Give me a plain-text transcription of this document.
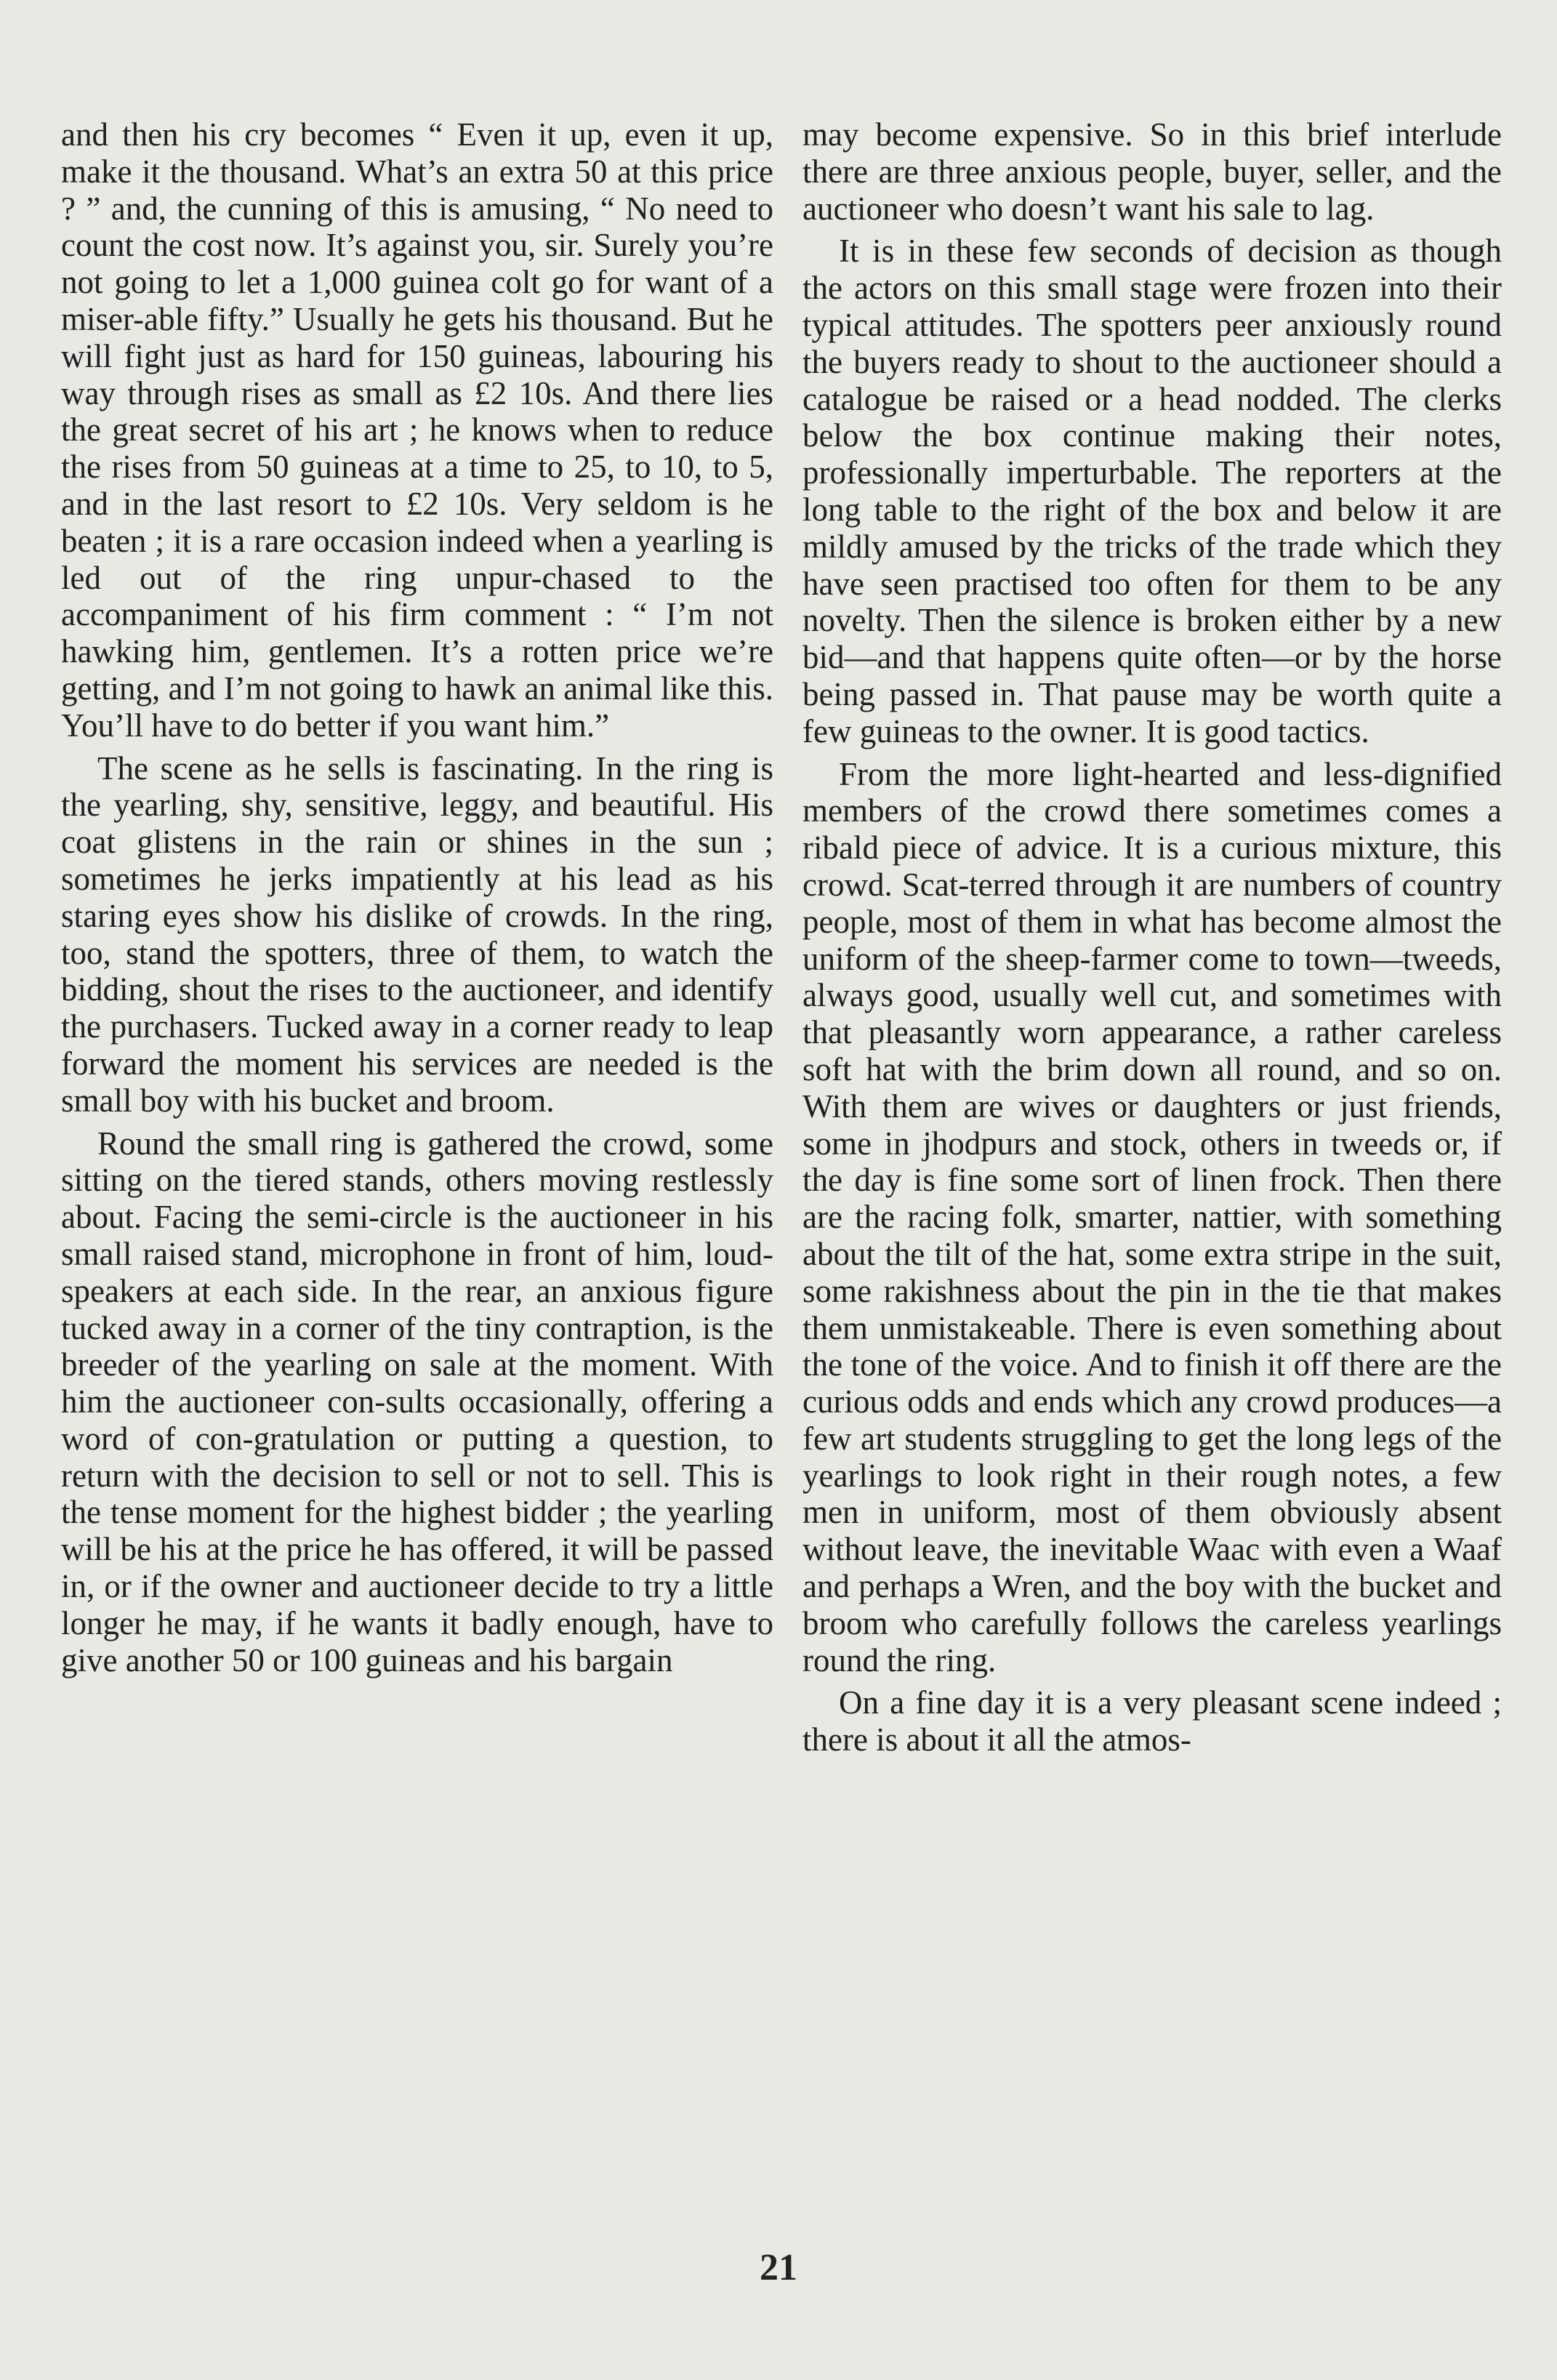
and then his cry becomes “ Even it up, even it up, make it the thousand. What’s an extra 50 at this price ? ” and, the cunning of this is amusing, “ No need to count the cost now. It’s against you, sir. Surely you’re not going to let a 1,000 guinea colt go for want of a miser-able fifty.” Usually he gets his thousand. But he will fight just as hard for 150 guineas, labouring his way through rises as small as £2 10s. And there lies the great secret of his art ; he knows when to reduce the rises from 50 guineas at a time to 25, to 10, to 5, and in the last resort to £2 10s. Very seldom is he beaten ; it is a rare occasion indeed when a yearling is led out of the ring unpur-chased to the accompaniment of his firm comment : “ I’m not hawking him, gentlemen. It’s a rotten price we’re getting, and I’m not going to hawk an animal like this. You’ll have to do better if you want him.”

The scene as he sells is fascinating. In the ring is the yearling, shy, sensitive, leggy, and beautiful. His coat glistens in the rain or shines in the sun ; sometimes he jerks impatiently at his lead as his staring eyes show his dislike of crowds. In the ring, too, stand the spotters, three of them, to watch the bidding, shout the rises to the auctioneer, and identify the purchasers. Tucked away in a corner ready to leap forward the moment his services are needed is the small boy with his bucket and broom.

Round the small ring is gathered the crowd, some sitting on the tiered stands, others moving restlessly about. Facing the semi-circle is the auctioneer in his small raised stand, microphone in front of him, loud-speakers at each side. In the rear, an anxious figure tucked away in a corner of the tiny contraption, is the breeder of the yearling on sale at the moment. With him the auctioneer con-sults occasionally, offering a word of con-gratulation or putting a question, to return with the decision to sell or not to sell. This is the tense moment for the highest bidder ; the yearling will be his at the price he has offered, it will be passed in, or if the owner and auctioneer decide to try a little longer he may, if he wants it badly enough, have to give another 50 or 100 guineas and his bargain

may become expensive. So in this brief interlude there are three anxious people, buyer, seller, and the auctioneer who doesn’t want his sale to lag.

It is in these few seconds of decision as though the actors on this small stage were frozen into their typical attitudes. The spotters peer anxiously round the buyers ready to shout to the auctioneer should a catalogue be raised or a head nodded. The clerks below the box continue making their notes, professionally imperturbable. The reporters at the long table to the right of the box and below it are mildly amused by the tricks of the trade which they have seen practised too often for them to be any novelty. Then the silence is broken either by a new bid—and that happens quite often—or by the horse being passed in. That pause may be worth quite a few guineas to the owner. It is good tactics.

From the more light-hearted and less-dignified members of the crowd there sometimes comes a ribald piece of advice. It is a curious mixture, this crowd. Scat-terred through it are numbers of country people, most of them in what has become almost the uniform of the sheep-farmer come to town—tweeds, always good, usually well cut, and sometimes with that pleasantly worn appearance, a rather careless soft hat with the brim down all round, and so on. With them are wives or daughters or just friends, some in jhodpurs and stock, others in tweeds or, if the day is fine some sort of linen frock. Then there are the racing folk, smarter, nattier, with something about the tilt of the hat, some extra stripe in the suit, some rakishness about the pin in the tie that makes them unmistakeable. There is even something about the tone of the voice. And to finish it off there are the curious odds and ends which any crowd produces—a few art students struggling to get the long legs of the yearlings to look right in their rough notes, a few men in uniform, most of them obviously absent without leave, the inevitable Waac with even a Waaf and perhaps a Wren, and the boy with the bucket and broom who carefully follows the careless yearlings round the ring.

On a fine day it is a very pleasant scene indeed ; there is about it all the atmos-

21
